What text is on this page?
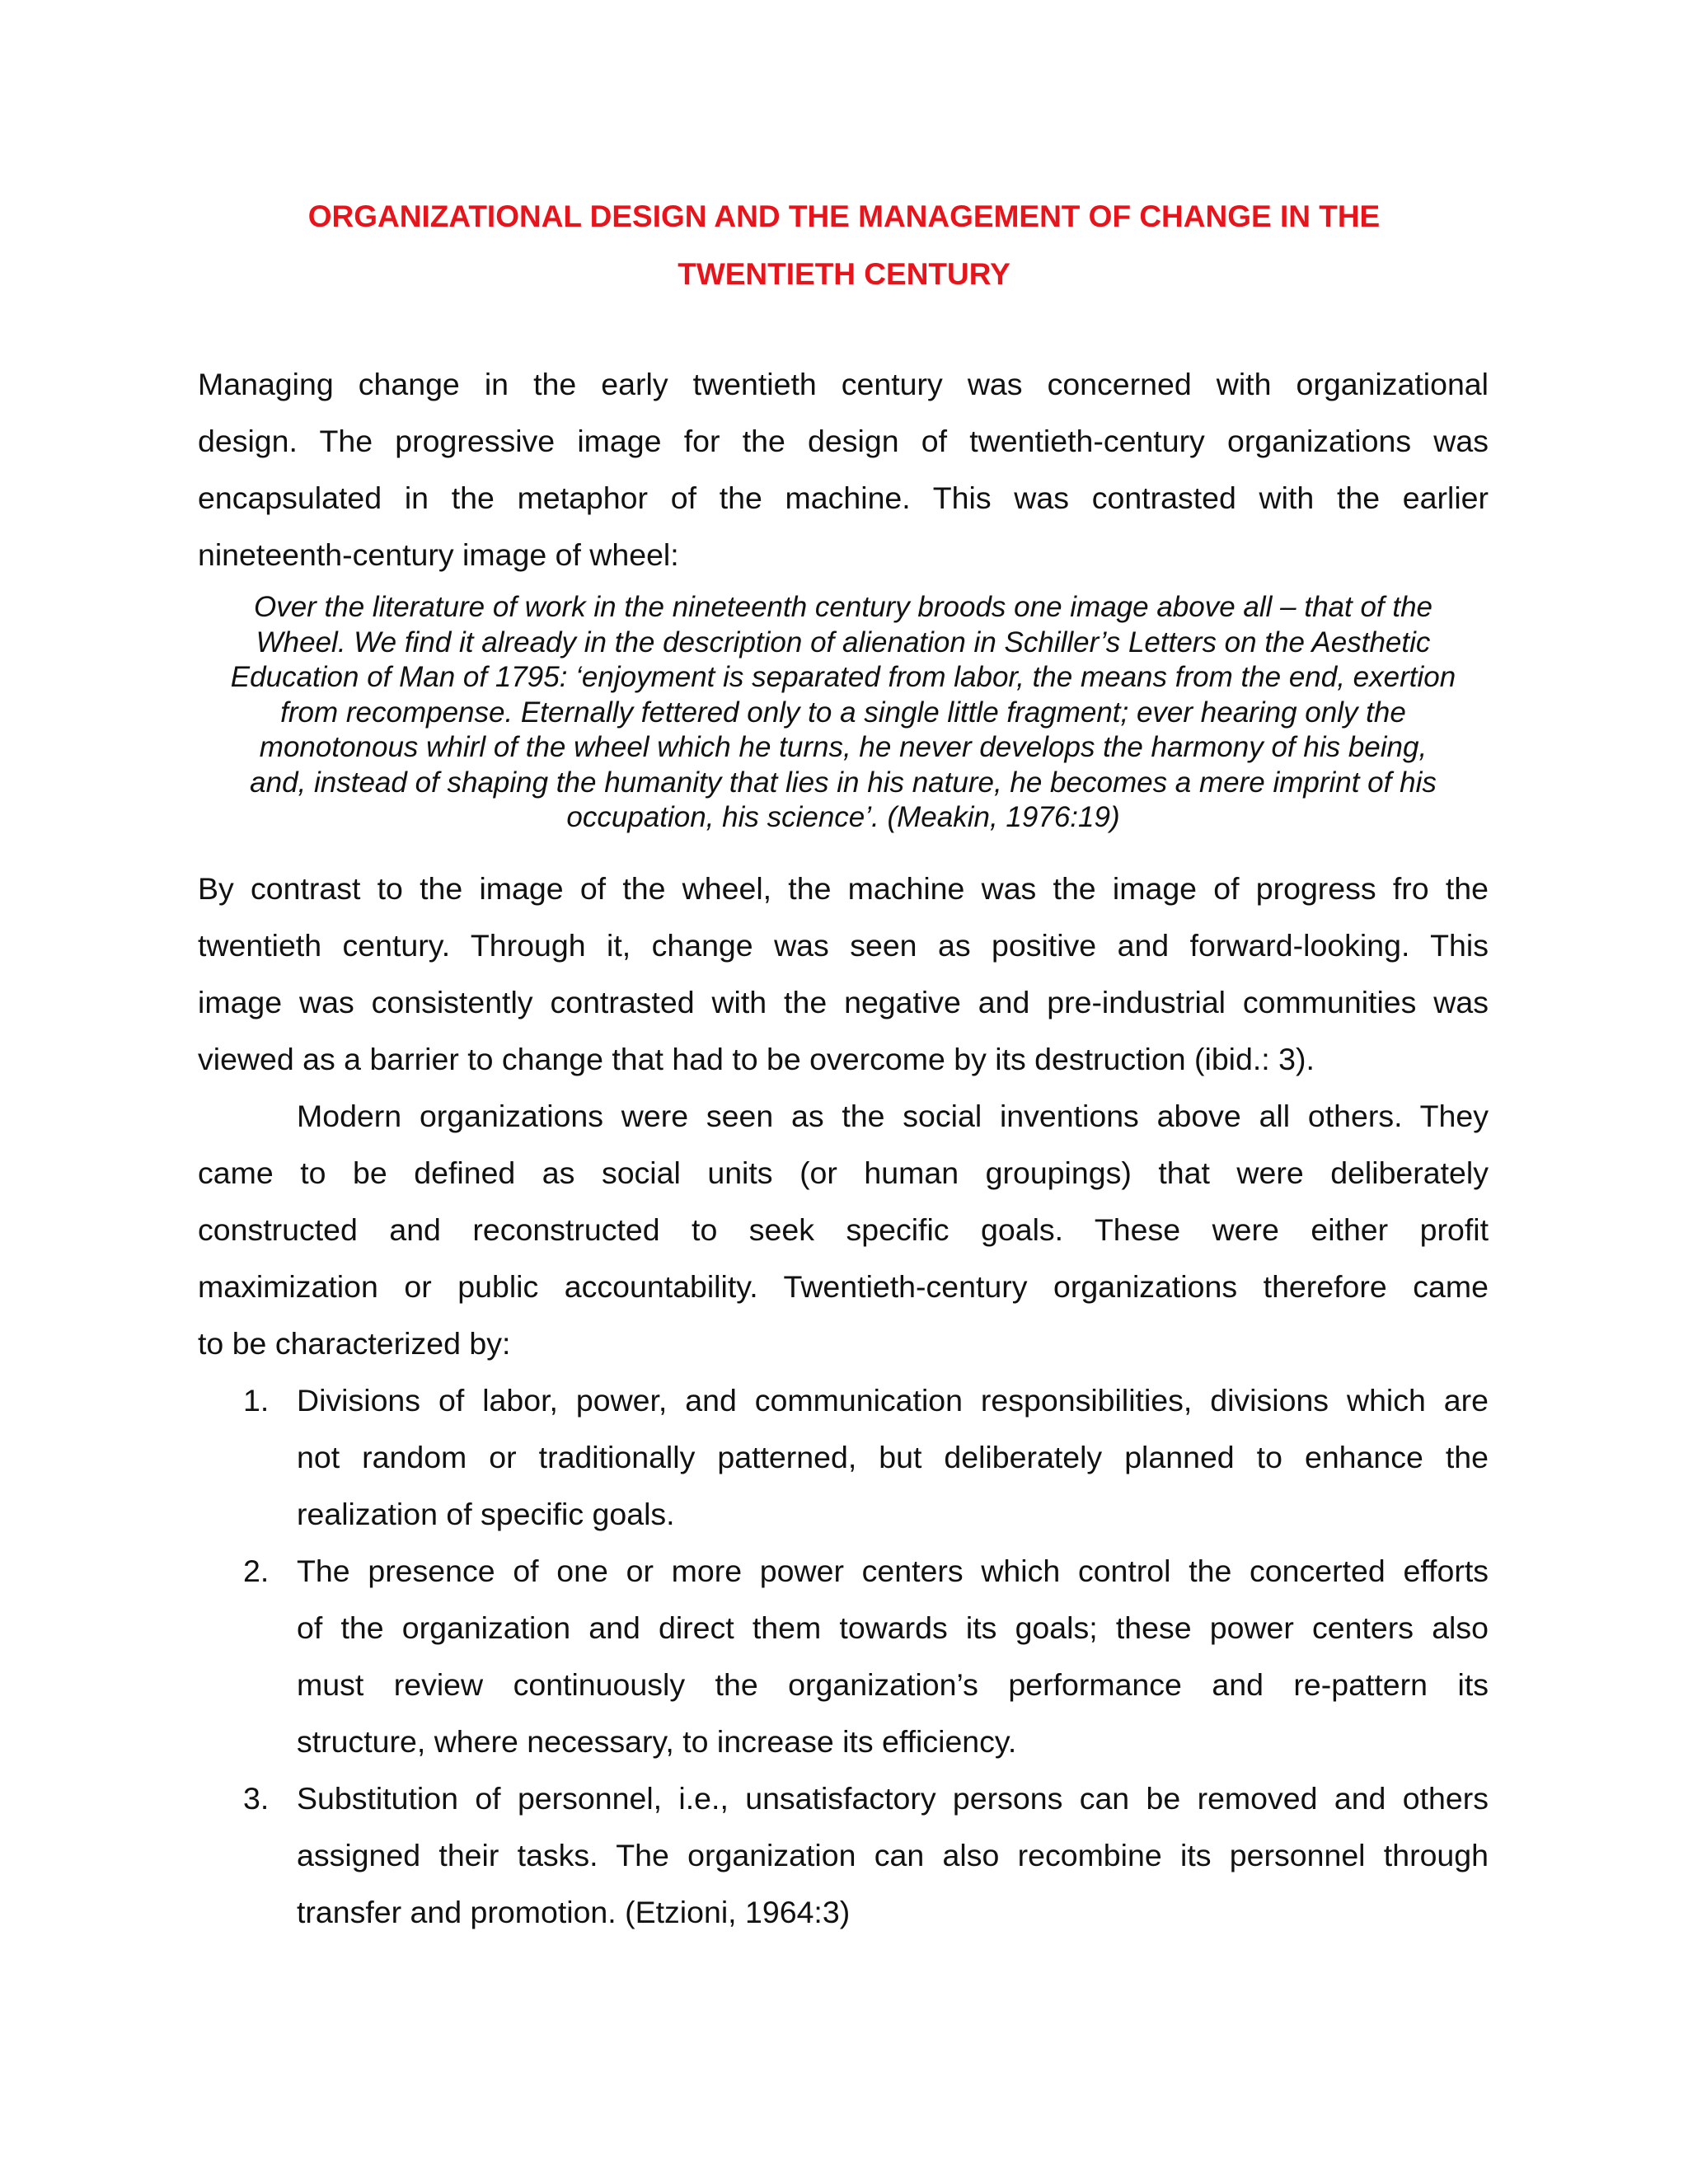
ORGANIZATIONAL DESIGN AND THE MANAGEMENT OF CHANGE IN THE
TWENTIETH CENTURY

Managing change in the early twentieth century was concerned with organizational
design. The progressive image for the design of twentieth-century organizations was
encapsulated in the metaphor of the machine. This was contrasted with the earlier
nineteenth-century image of wheel:

Over the literature of work in the nineteenth century broods one image above all – that of the
Wheel. We find it already in the description of alienation in Schiller’s Letters on the Aesthetic
Education of Man of 1795: ‘enjoyment is separated from labor, the means from the end, exertion
from recompense. Eternally fettered only to a single little fragment; ever hearing only the
monotonous whirl of the wheel which he turns, he never develops the harmony of his being,
and, instead of shaping the humanity that lies in his nature, he becomes a mere imprint of his
occupation, his science’. (Meakin, 1976:19)

By contrast to the image of the wheel, the machine was the image of progress fro the
twentieth century. Through it, change was seen as positive and forward-looking. This
image was consistently contrasted with the negative and pre-industrial communities was
viewed as a barrier to change that had to be overcome by its destruction (ibid.: 3).

Modern organizations were seen as the social inventions above all others. They
came to be defined as social units (or human groupings) that were deliberately
constructed and reconstructed to seek specific goals. These were either profit
maximization or public accountability. Twentieth-century organizations therefore came
to be characterized by:

1. Divisions of labor, power, and communication responsibilities, divisions which are
not random or traditionally patterned, but deliberately planned to enhance the
realization of specific goals.
2. The presence of one or more power centers which control the concerted efforts
of the organization and direct them towards its goals; these power centers also
must review continuously the organization’s performance and re-pattern its
structure, where necessary, to increase its efficiency.
3. Substitution of personnel, i.e., unsatisfactory persons can be removed and others
assigned their tasks. The organization can also recombine its personnel through
transfer and promotion. (Etzioni, 1964:3)
